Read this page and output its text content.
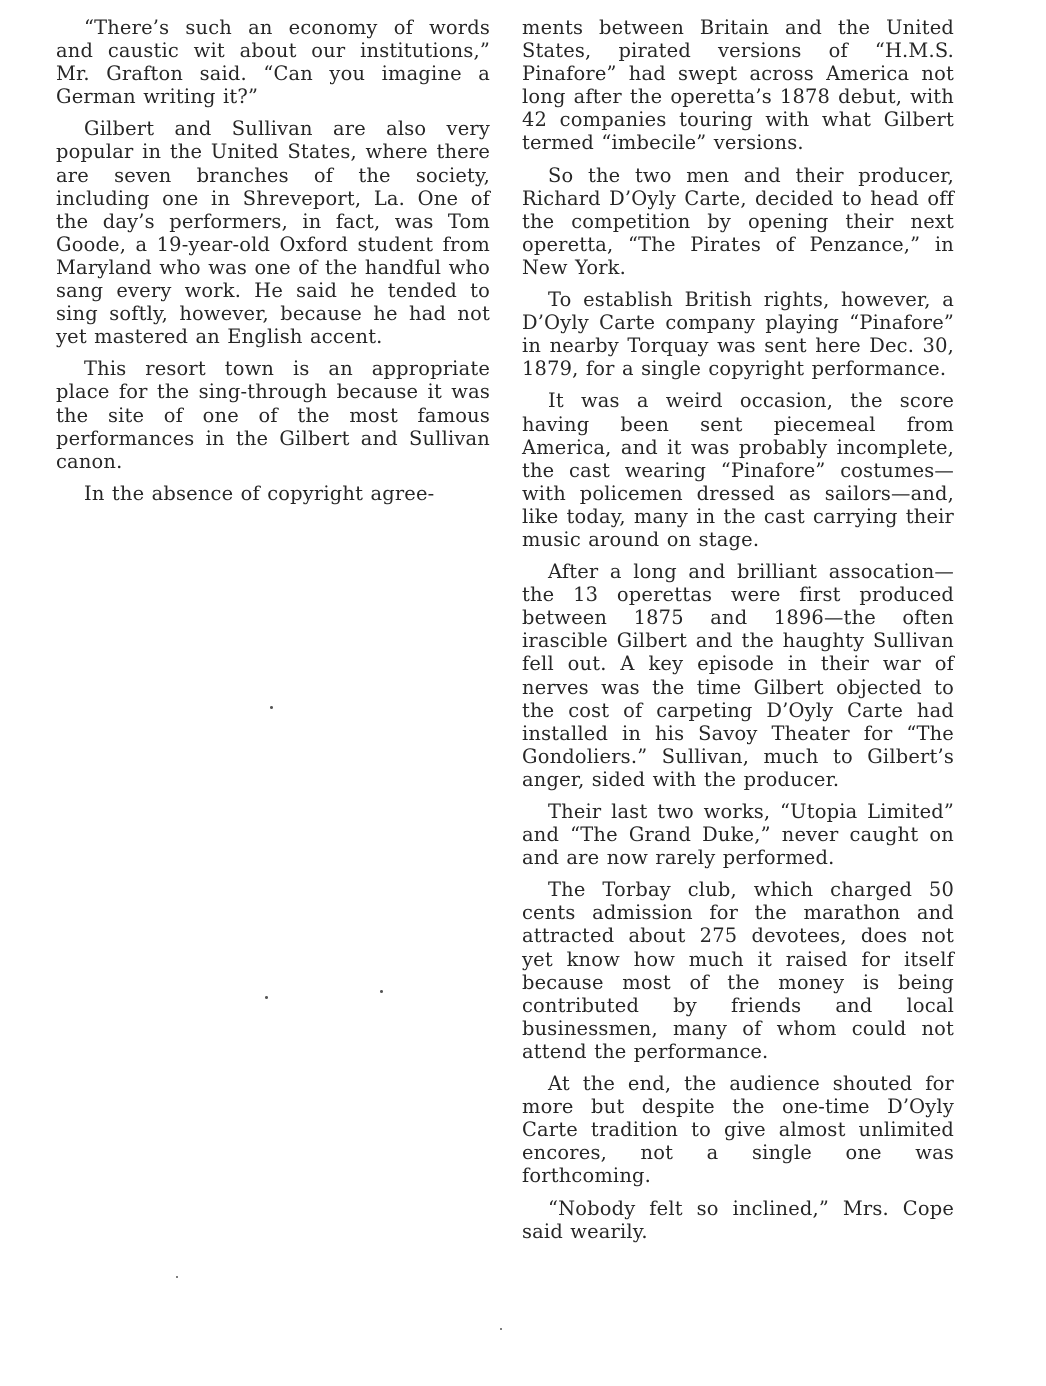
“There’s such an economy of words and caustic wit about our institutions,” Mr. Grafton said. “Can you imagine a German writing it?”

Gilbert and Sullivan are also very popular in the United States, where there are seven branches of the society, including one in Shreveport, La. One of the day’s performers, in fact, was Tom Goode, a 19-year-old Oxford student from Maryland who was one of the handful who sang every work. He said he tended to sing softly, however, because he had not yet mastered an English accent.

This resort town is an appropriate place for the sing-through because it was the site of one of the most famous performances in the Gilbert and Sullivan canon.

In the absence of copyright agree-

ments between Britain and the United States, pirated versions of “H.M.S. Pinafore” had swept across America not long after the operetta’s 1878 debut, with 42 companies touring with what Gilbert termed “imbecile” versions.

So the two men and their producer, Richard D’Oyly Carte, decided to head off the competition by opening their next operetta, “The Pirates of Penzance,” in New York.

To establish British rights, however, a D’Oyly Carte company playing “Pinafore” in nearby Torquay was sent here Dec. 30, 1879, for a single copyright performance.

It was a weird occasion, the score having been sent piecemeal from America, and it was probably incomplete, the cast wearing “Pinafore” costumes—with policemen dressed as sailors—and, like today, many in the cast carrying their music around on stage.

After a long and brilliant assocation—the 13 operettas were first produced between 1875 and 1896—the often irascible Gilbert and the haughty Sullivan fell out. A key episode in their war of nerves was the time Gilbert objected to the cost of carpeting D’Oyly Carte had installed in his Savoy Theater for “The Gondoliers.” Sullivan, much to Gilbert’s anger, sided with the producer.

Their last two works, “Utopia Limited” and “The Grand Duke,” never caught on and are now rarely performed.

The Torbay club, which charged 50 cents admission for the marathon and attracted about 275 devotees, does not yet know how much it raised for itself because most of the money is being contributed by friends and local businessmen, many of whom could not attend the performance.

At the end, the audience shouted for more but despite the one-time D’Oyly Carte tradition to give almost unlimited encores, not a single one was forthcoming.

“Nobody felt so inclined,” Mrs. Cope said wearily.
